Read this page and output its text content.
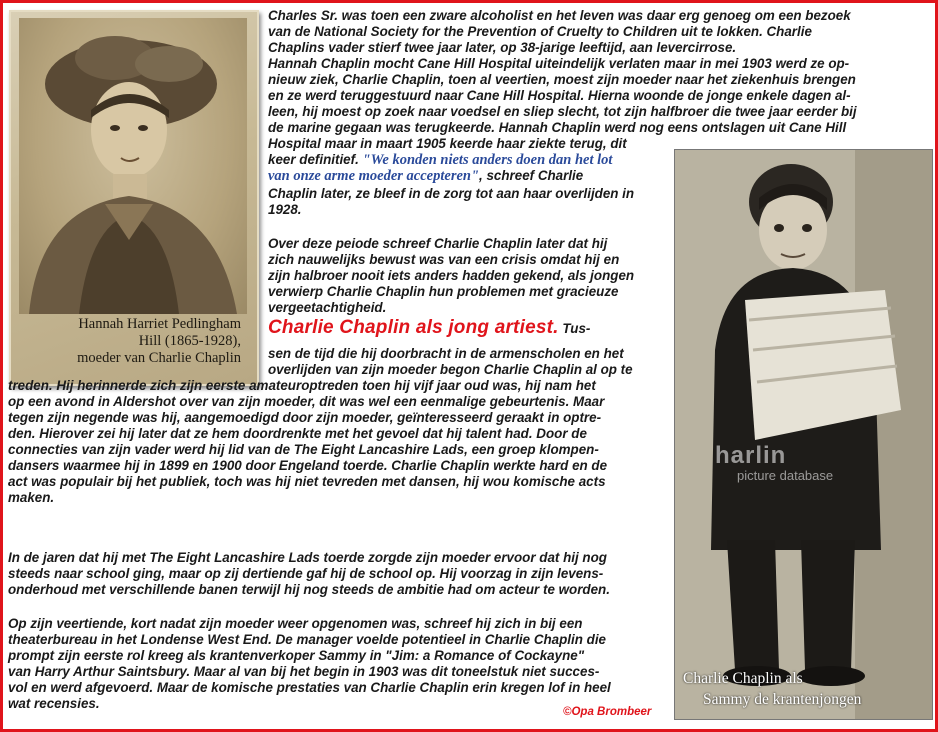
Hannah Harriet Pedlingham
Hill (1865-1928),
moeder van Charlie Chaplin
harlin
picture database
Charlie Chaplin als
Sammy de krantenjongen

Charles Sr. was toen een zware alcoholist en het leven was daar erg genoeg om een bezoek

van de National Society for the Prevention of Cruelty to Children uit te lokken. Charlie

Chaplins vader stierf twee jaar later, op 38-jarige leeftijd, aan levercirrose.

Hannah Chaplin mocht Cane Hill Hospital uiteindelijk verlaten maar in mei 1903 werd ze op-

nieuw ziek, Charlie Chaplin, toen al veertien, moest zijn moeder naar het ziekenhuis brengen

en ze werd teruggestuurd naar Cane Hill Hospital. Hierna woonde de jonge enkele dagen al-

leen, hij moest op zoek naar voedsel en sliep slecht, tot zijn halfbroer die twee jaar eerder bij

de marine gegaan was terugkeerde. Hannah Chaplin werd nog eens ontslagen uit Cane Hill

Hospital maar in maart 1905 keerde haar ziekte terug, dit

keer definitief. "We konden niets anders doen dan het lot

van onze arme moeder accepteren", schreef Charlie

Chaplin later, ze bleef in de zorg tot aan haar overlijden in

1928.

Over deze peiode schreef Charlie Chaplin later dat hij

zich nauwelijks bewust was van een crisis omdat hij en

zijn halbroer nooit iets anders hadden gekend, als jongen

verwierp Charlie Chaplin hun problemen met gracieuze

vergeetachtigheid.

Charlie Chaplin als jong artiest. Tus-

sen de tijd die hij doorbracht in de armenscholen en het

overlijden van zijn moeder begon Charlie Chaplin al op te

treden. Hij herinnerde zich zijn eerste amateuroptreden toen hij vijf jaar oud was, hij nam het

op een avond in Aldershot over van zijn moeder, dit was wel een eenmalige gebeurtenis. Maar

tegen zijn negende was hij, aangemoedigd door zijn moeder, geïnteresseerd geraakt in optre-

den. Hierover zei hij later dat ze hem doordrenkte met het gevoel dat hij talent had. Door de

connecties van zijn vader werd hij lid van de The Eight Lancashire Lads, een groep klompen-

dansers waarmee hij in 1899 en 1900 door Engeland toerde. Charlie Chaplin werkte hard en de

act was populair bij het publiek, toch was hij niet tevreden met dansen, hij wou komische acts

maken.

In de jaren dat hij met The Eight Lancashire Lads toerde zorgde zijn moeder ervoor dat hij nog

steeds naar school ging, maar op zij dertiende gaf hij de school op. Hij voorzag in zijn levens-

onderhoud met verschillende banen terwijl hij nog steeds de ambitie had om acteur te worden.

Op zijn veertiende, kort nadat zijn moeder weer opgenomen was, schreef hij zich in bij een

theaterbureau in het Londense West End. De manager voelde potentieel in Charlie Chaplin die

prompt zijn eerste rol kreeg als krantenverkoper Sammy in "Jim: a Romance of Cockayne"

van Harry Arthur Saintsbury. Maar al van bij het begin in 1903 was dit toneelstuk niet succes-

vol en werd afgevoerd. Maar de komische prestaties van Charlie Chaplin erin kregen lof in heel

wat recensies.

©Opa Brombeer
